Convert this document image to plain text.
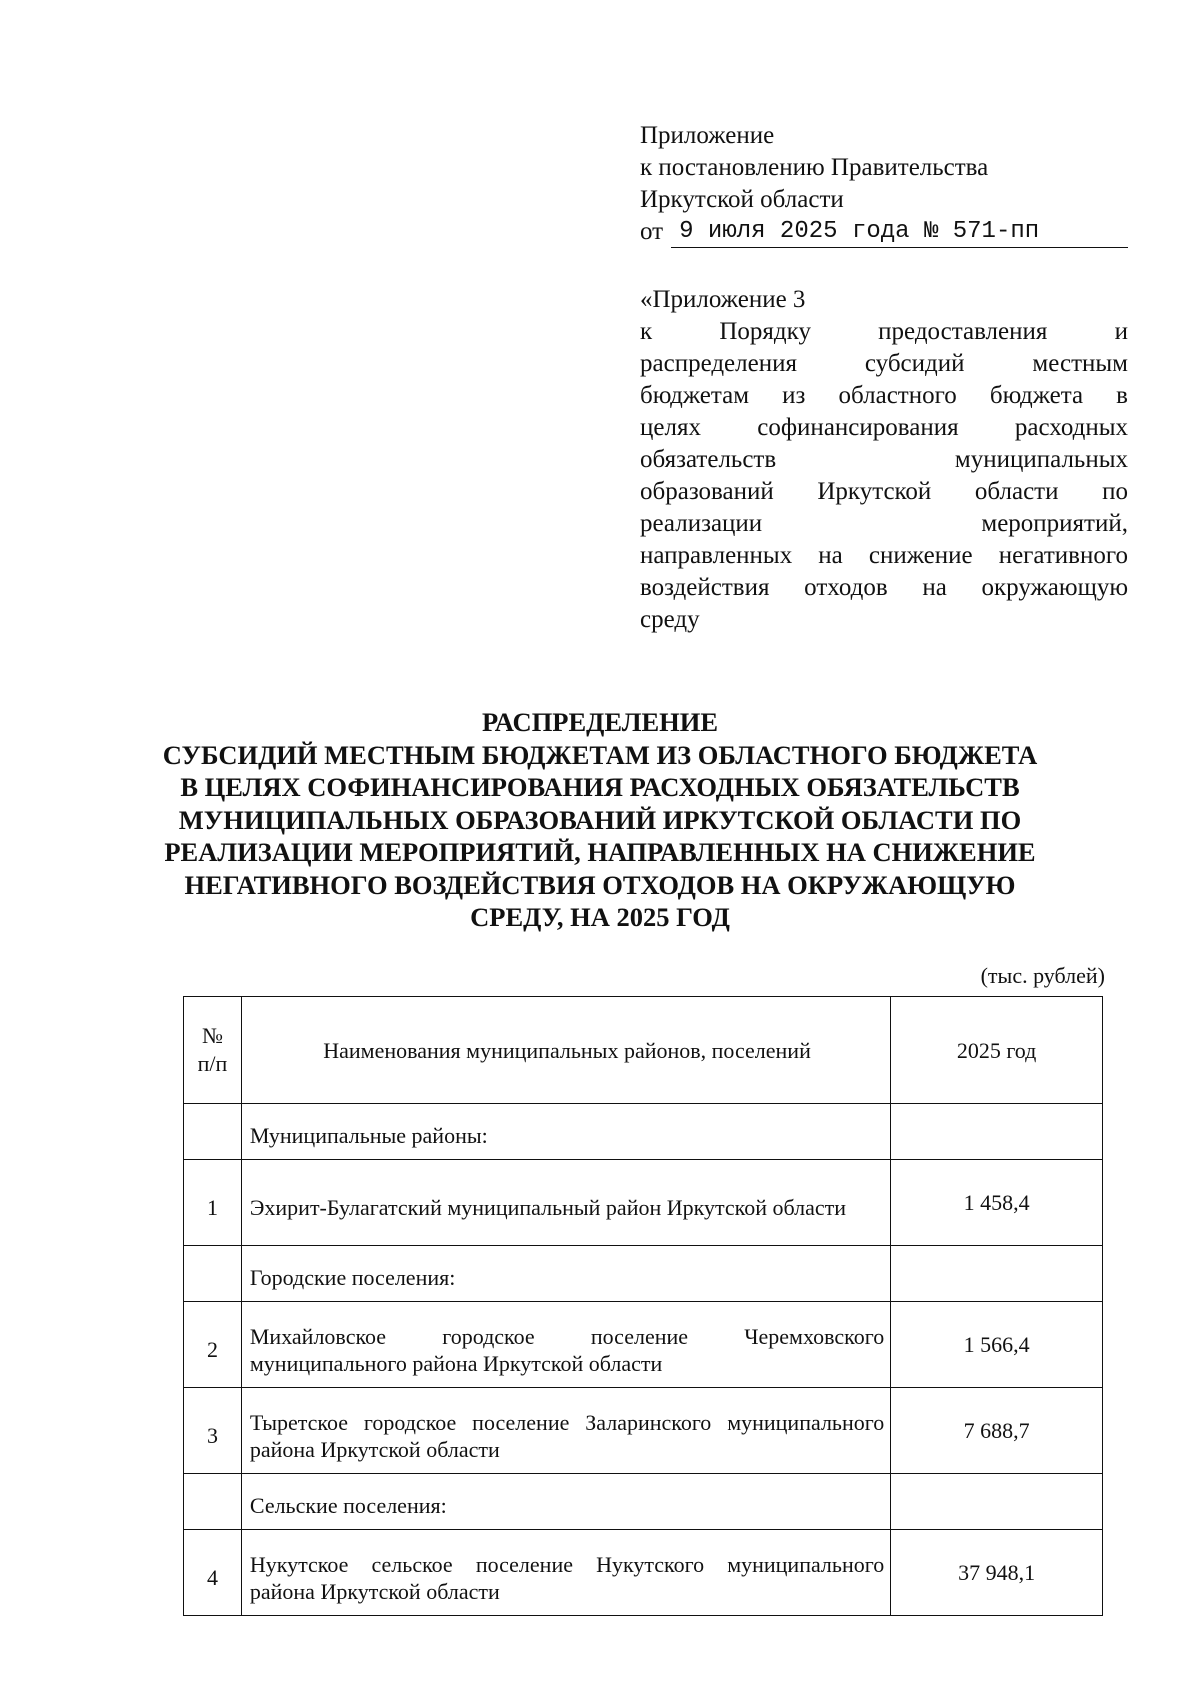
Приложение
к постановлению Правительства
Иркутской области
от 9 июля 2025 года № 571-пп
«Приложение 3
к Порядку предоставления и
распределения субсидий местным
бюджетам из областного бюджета в
целях софинансирования расходных
обязательств муниципальных
образований Иркутской области по
реализации мероприятий,
направленных на снижение негативного
воздействия отходов на окружающую
среду
РАСПРЕДЕЛЕНИЕ
СУБСИДИЙ МЕСТНЫМ БЮДЖЕТАМ ИЗ ОБЛАСТНОГО БЮДЖЕТА
В ЦЕЛЯХ СОФИНАНСИРОВАНИЯ РАСХОДНЫХ ОБЯЗАТЕЛЬСТВ
МУНИЦИПАЛЬНЫХ ОБРАЗОВАНИЙ ИРКУТСКОЙ ОБЛАСТИ ПО
РЕАЛИЗАЦИИ МЕРОПРИЯТИЙ, НАПРАВЛЕННЫХ НА СНИЖЕНИЕ
НЕГАТИВНОГО ВОЗДЕЙСТВИЯ ОТХОДОВ НА ОКРУЖАЮЩУЮ
СРЕДУ, НА 2025 ГОД
(тыс. рублей)
№
п/п	Наименования муниципальных районов, поселений	2025 год
	Муниципальные районы:	
1	Эхирит-Булагатский муниципальный район Иркутской области	1 458,4
	Городские поселения:	
2	Михайловское городское поселение Черемховского муниципального района Иркутской области	1 566,4
3	Тыретское городское поселение Заларинского муниципального района Иркутской области	7 688,7
	Сельские поселения:	
4	Нукутское сельское поселение Нукутского муниципального района Иркутской области	37 948,1
